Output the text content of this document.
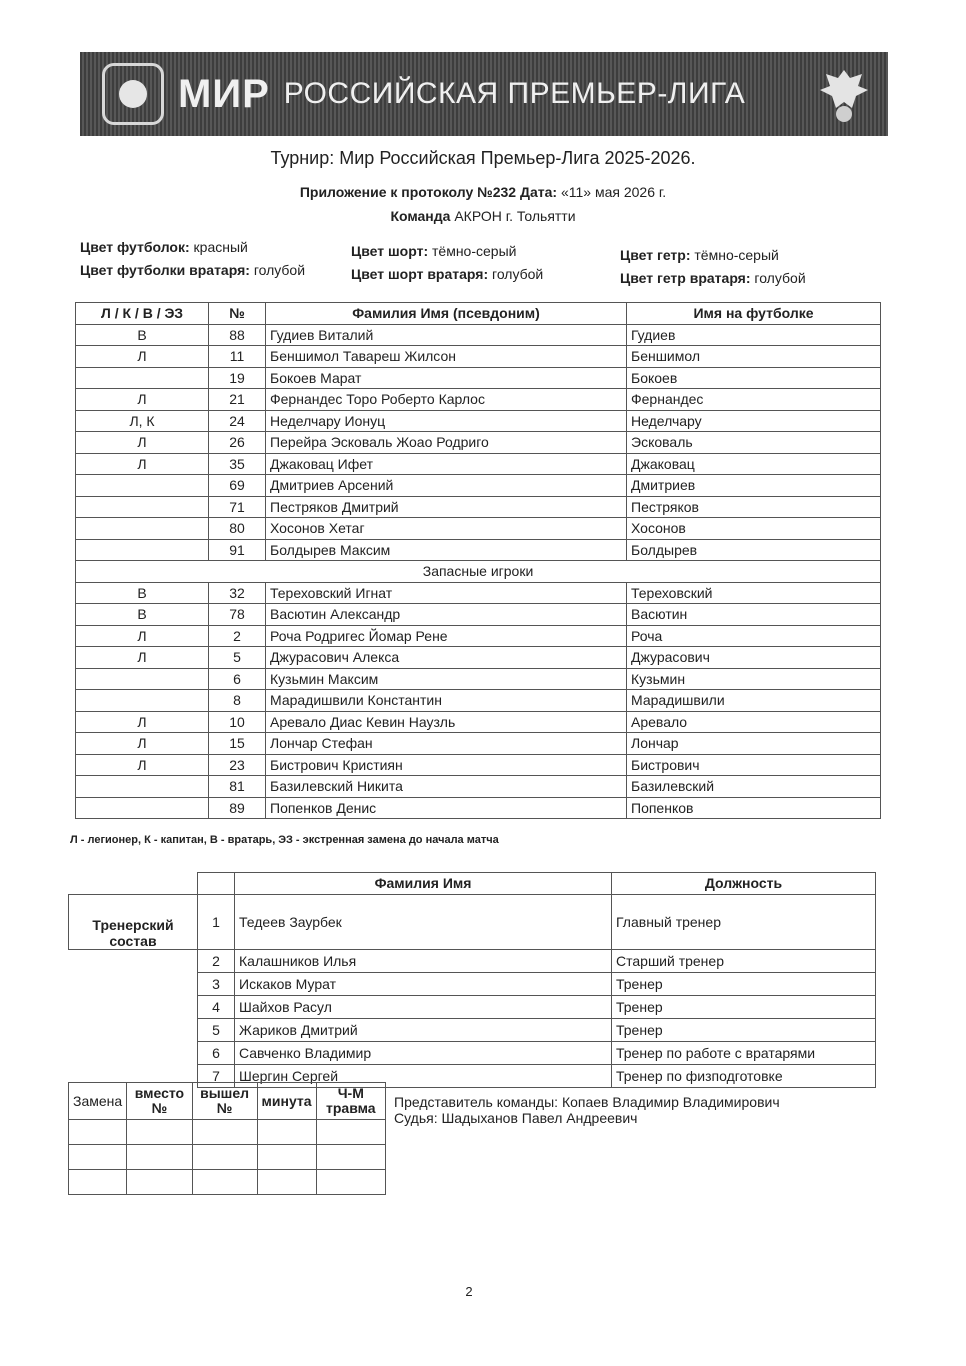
МИР РОССИЙСКАЯ ПРЕМЬЕР-ЛИГА
Турнир: Мир Российская Премьер-Лига 2025-2026.
Приложение к протоколу №232 Дата: «11» мая 2026 г.
Команда АКРОН г. Тольятти
Цвет футболок: красный
Цвет футболки вратаря: голубой
Цвет шорт: тёмно-серый
Цвет шорт вратаря: голубой
Цвет гетр: тёмно-серый
Цвет гетр вратаря: голубой
Л / К / В / ЭЗ	№	Фамилия Имя (псевдоним)	Имя на футболке
В	88	Гудиев Виталий	Гудиев
Л	11	Беншимол Тавареш Жилсон	Беншимол
	19	Бокоев Марат	Бокоев
Л	21	Фернандес Торо Роберто Карлос	Фернандес
Л, К	24	Неделчару Ионуц	Неделчару
Л	26	Перейра Эсковаль Жоао Родриго	Эсковаль
Л	35	Джаковац Ифет	Джаковац
	69	Дмитриев Арсений	Дмитриев
	71	Пестряков Дмитрий	Пестряков
	80	Хосонов Хетаг	Хосонов
	91	Болдырев Максим	Болдырев
Запасные игроки			
В	32	Тереховский Игнат	Тереховский
В	78	Васютин Александр	Васютин
Л	2	Роча Родригес Йомар Рене	Роча
Л	5	Джурасович Алекса	Джурасович
	6	Кузьмин Максим	Кузьмин
	8	Марадишвили Константин	Марадишвили
Л	10	Аревало Диас Кевин Наузль	Аревало
Л	15	Лончар Стефан	Лончар
Л	23	Бистрович Кристиян	Бистрович
	81	Базилевский Никита	Базилевский
	89	Попенков Денис	Попенков
Л - легионер, К - капитан, В - вратарь, ЭЗ - экстренная замена до начала матча
		Фамилия Имя	Должность
Тренерский состав	1	Тедеев Заурбек	Главный тренер
	2	Калашников Илья	Старший тренер
	3	Искаков Мурат	Тренер
	4	Шайхов Расул	Тренер
	5	Жариков Дмитрий	Тренер
	6	Савченко Владимир	Тренер по работе с вратарями
	7	Шергин Сергей	Тренер по физподготовке
Замена	вместо №	вышел №	минута	Ч-М травма

				Представитель команды: Копаев Владимир Владимирович
Судья: Шадыханов Павел Андреевич
2
